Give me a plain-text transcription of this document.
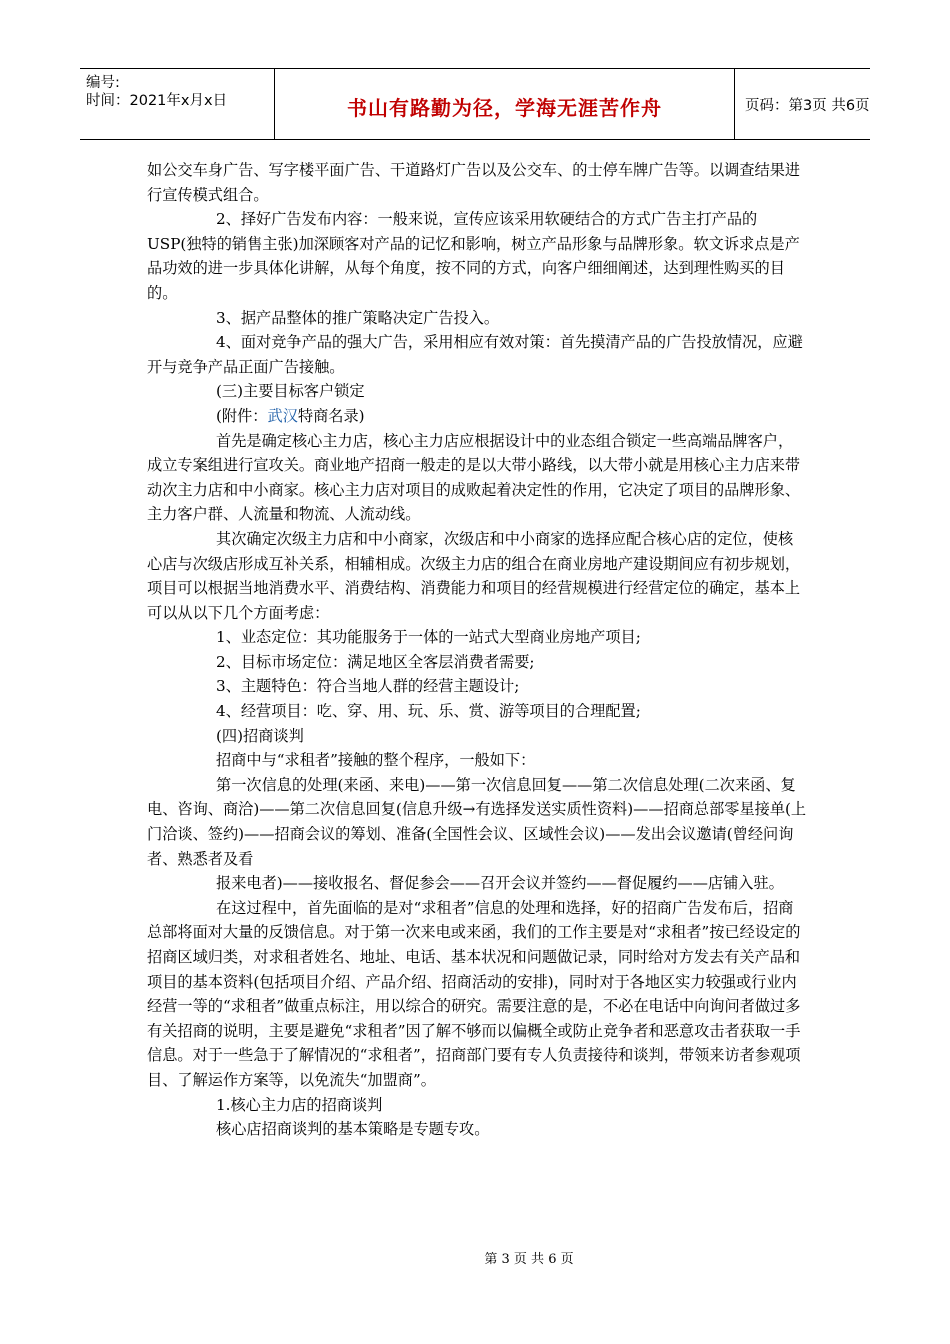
编号:
时间：2021年x月x日	书山有路勤为径，学海无涯苦作舟	页码：第3页 共6页

如公交车身广告、写字楼平面广告、干道路灯广告以及公交车、的士停车牌广告等。以调查结果进行宣传模式组合。

2、择好广告发布内容：一般来说，宣传应该采用软硬结合的方式广告主打产品的USP(独特的销售主张)加深顾客对产品的记忆和影响，树立产品形象与品牌形象。软文诉求点是产品功效的进一步具体化讲解，从每个角度，按不同的方式，向客户细细阐述，达到理性购买的目的。

3、据产品整体的推广策略决定广告投入。

4、面对竞争产品的强大广告，采用相应有效对策：首先摸清产品的广告投放情况，应避开与竞争产品正面广告接触。

(三)主要目标客户锁定

(附件：武汉特商名录)

首先是确定核心主力店，核心主力店应根据设计中的业态组合锁定一些高端品牌客户，成立专案组进行宣攻关。商业地产招商一般走的是以大带小路线，以大带小就是用核心主力店来带动次主力店和中小商家。核心主力店对项目的成败起着决定性的作用，它决定了项目的品牌形象、主力客户群、人流量和物流、人流动线。

其次确定次级主力店和中小商家，次级店和中小商家的选择应配合核心店的定位，使核心店与次级店形成互补关系，相辅相成。次级主力店的组合在商业房地产建设期间应有初步规划，项目可以根据当地消费水平、消费结构、消费能力和项目的经营规模进行经营定位的确定，基本上可以从以下几个方面考虑：

1、业态定位：其功能服务于一体的一站式大型商业房地产项目;

2、目标市场定位：满足地区全客层消费者需要;

3、主题特色：符合当地人群的经营主题设计;

4、经营项目：吃、穿、用、玩、乐、赏、游等项目的合理配置;

(四)招商谈判

招商中与“求租者”接触的整个程序，一般如下：

第一次信息的处理(来函、来电)——第一次信息回复——第二次信息处理(二次来函、复电、咨询、商洽)——第二次信息回复(信息升级→有选择发送实质性资料)——招商总部零星接单(上门洽谈、签约)——招商会议的筹划、准备(全国性会议、区域性会议)——发出会议邀请(曾经问询者、熟悉者及看

报来电者)——接收报名、督促参会——召开会议并签约——督促履约——店铺入驻。

在这过程中，首先面临的是对“求租者”信息的处理和选择，好的招商广告发布后，招商总部将面对大量的反馈信息。对于第一次来电或来函，我们的工作主要是对“求租者”按已经设定的招商区域归类，对求租者姓名、地址、电话、基本状况和问题做记录，同时给对方发去有关产品和项目的基本资料(包括项目介绍、产品介绍、招商活动的安排)，同时对于各地区实力较强或行业内经营一等的“求租者”做重点标注，用以综合的研究。需要注意的是，不必在电话中向询问者做过多有关招商的说明，主要是避免“求租者”因了解不够而以偏概全或防止竞争者和恶意攻击者获取一手信息。对于一些急于了解情况的“求租者”，招商部门要有专人负责接待和谈判，带领来访者参观项目、了解运作方案等，以免流失“加盟商”。

1.核心主力店的招商谈判

核心店招商谈判的基本策略是专题专攻。

第 3 页 共 6 页
